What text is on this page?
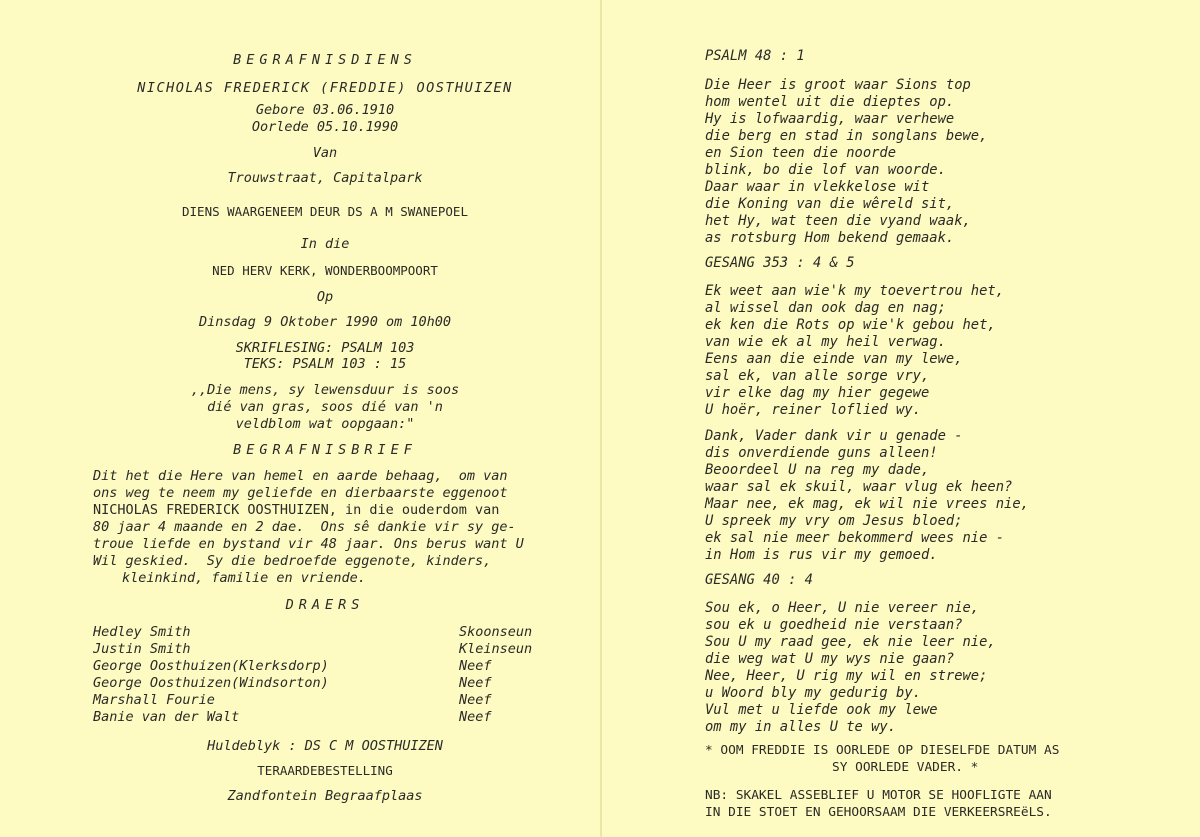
BEGRAFNISDIENS

NICHOLAS FREDERICK (FREDDIE) OOSTHUIZEN

Gebore 03.06.1910

Oorlede 05.10.1990

Van

Trouwstraat, Capitalpark

DIENS WAARGENEEM DEUR DS A M SWANEPOEL

In die

NED HERV KERK, WONDERBOOMPOORT

Op

Dinsdag 9 Oktober 1990 om 10h00

SKRIFLESING: PSALM 103

TEKS: PSALM 103 : 15

,,Die mens, sy lewensduur is soos

dié van gras, soos dié van 'n

veldblom wat oopgaan:"

BEGRAFNISBRIEF

Dit het die Here van hemel en aarde behaag,  om van

ons weg te neem my geliefde en dierbaarste eggenoot

NICHOLAS FREDERICK OOSTHUIZEN, in die ouderdom van

80 jaar 4 maande en 2 dae.  Ons sê dankie vir sy ge-

troue liefde en bystand vir 48 jaar. Ons berus want U

Wil geskied.  Sy die bedroefde eggenote, kinders,

kleinkind, familie en vriende.

DRAERS

Hedley Smith	Skoonseun

Justin Smith	Kleinseun

George Oosthuizen(Klerksdorp)	Neef

George Oosthuizen(Windsorton)	Neef

Marshall Fourie	Neef

Banie van der Walt	Neef

Huldeblyk : DS C M OOSTHUIZEN

TERAARDEBESTELLING

Zandfontein Begraafplaas

PSALM 48 : 1

Die Heer is groot waar Sions top

hom wentel uit die dieptes op.

Hy is lofwaardig, waar verhewe

die berg en stad in songlans bewe,

en Sion teen die noorde

blink, bo die lof van woorde.

Daar waar in vlekkelose wit

die Koning van die wêreld sit,

het Hy, wat teen die vyand waak,

as rotsburg Hom bekend gemaak.

GESANG 353 : 4 & 5

Ek weet aan wie'k my toevertrou het,

al wissel dan ook dag en nag;

ek ken die Rots op wie'k gebou het,

van wie ek al my heil verwag.

Eens aan die einde van my lewe,

sal ek, van alle sorge vry,

vir elke dag my hier gegewe

U hoër, reiner loflied wy.

Dank, Vader dank vir u genade -

dis onverdiende guns alleen!

Beoordeel U na reg my dade,

waar sal ek skuil, waar vlug ek heen?

Maar nee, ek mag, ek wil nie vrees nie,

U spreek my vry om Jesus bloed;

ek sal nie meer bekommerd wees nie -

in Hom is rus vir my gemoed.

GESANG 40 : 4

Sou ek, o Heer, U nie vereer nie,

sou ek u goedheid nie verstaan?

Sou U my raad gee, ek nie leer nie,

die weg wat U my wys nie gaan?

Nee, Heer, U rig my wil en strewe;

u Woord bly my gedurig by.

Vul met u liefde ook my lewe

om my in alles U te wy.

* OOM FREDDIE IS OORLEDE OP DIESELFDE DATUM AS

SY OORLEDE VADER. *

NB: SKAKEL ASSEBLIEF U MOTOR SE HOOFLIGTE AAN

IN DIE STOET EN GEHOORSAAM DIE VERKEERSREëLS.
